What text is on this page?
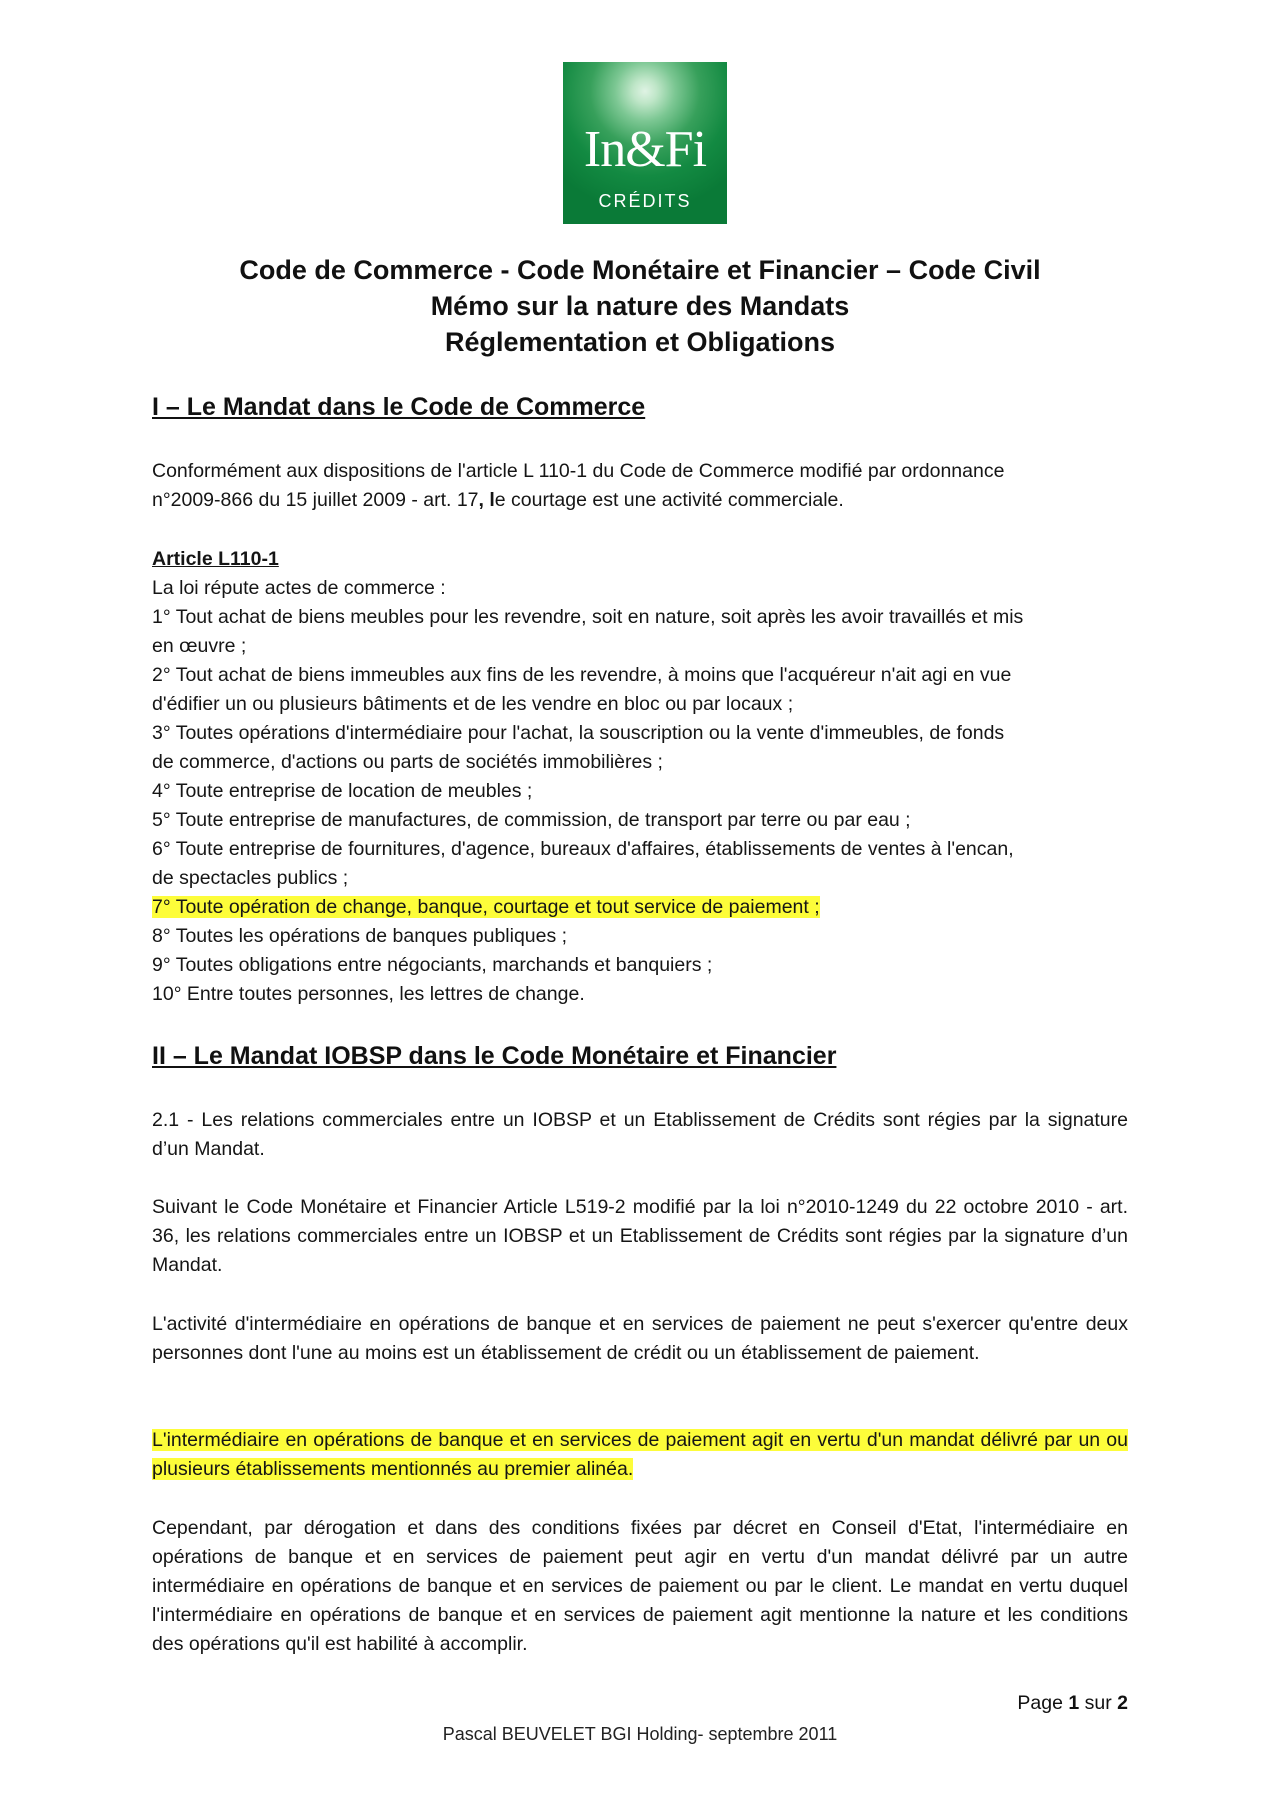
In&Fi
CRÉDITS
Code de Commerce - Code Monétaire et Financier – Code Civil
Mémo sur la nature des Mandats
Réglementation et Obligations
I – Le Mandat dans le Code de Commerce
Conformément aux dispositions de l'article L 110-1 du Code de Commerce modifié par ordonnance
n°2009-866 du 15 juillet 2009 - art. 17, le courtage est une activité commerciale.
Article L110-1
La loi répute actes de commerce :
1° Tout achat de biens meubles pour les revendre, soit en nature, soit après les avoir travaillés et mis
en œuvre ;
2° Tout achat de biens immeubles aux fins de les revendre, à moins que l'acquéreur n'ait agi en vue
d'édifier un ou plusieurs bâtiments et de les vendre en bloc ou par locaux ;
3° Toutes opérations d'intermédiaire pour l'achat, la souscription ou la vente d'immeubles, de fonds
de commerce, d'actions ou parts de sociétés immobilières ;
4° Toute entreprise de location de meubles ;
5° Toute entreprise de manufactures, de commission, de transport par terre ou par eau ;
6° Toute entreprise de fournitures, d'agence, bureaux d'affaires, établissements de ventes à l'encan,
de spectacles publics ;
7° Toute opération de change, banque, courtage et tout service de paiement ;
8° Toutes les opérations de banques publiques ;
9° Toutes obligations entre négociants, marchands et banquiers ;
10° Entre toutes personnes, les lettres de change.
II – Le Mandat IOBSP dans le Code Monétaire et Financier
2.1 - Les relations commerciales entre un IOBSP et un Etablissement de Crédits sont régies par la signature d’un Mandat.
Suivant le Code Monétaire et Financier Article L519-2 modifié par la loi n°2010-1249 du 22 octobre 2010 - art. 36, les relations commerciales entre un IOBSP et un Etablissement de Crédits sont régies par la signature d’un Mandat.
L'activité d'intermédiaire en opérations de banque et en services de paiement ne peut s'exercer qu'entre deux personnes dont l'une au moins est un établissement de crédit ou un établissement de paiement.
L'intermédiaire en opérations de banque et en services de paiement agit en vertu d'un mandat délivré par un ou plusieurs établissements mentionnés au premier alinéa.
Cependant, par dérogation et dans des conditions fixées par décret en Conseil d'Etat, l'intermédiaire en opérations de banque et en services de paiement peut agir en vertu d'un mandat délivré par un autre intermédiaire en opérations de banque et en services de paiement ou par le client. Le mandat en vertu duquel l'intermédiaire en opérations de banque et en services de paiement agit mentionne la nature et les conditions des opérations qu'il est habilité à accomplir.
Page 1 sur 2
Pascal BEUVELET BGI Holding- septembre 2011
